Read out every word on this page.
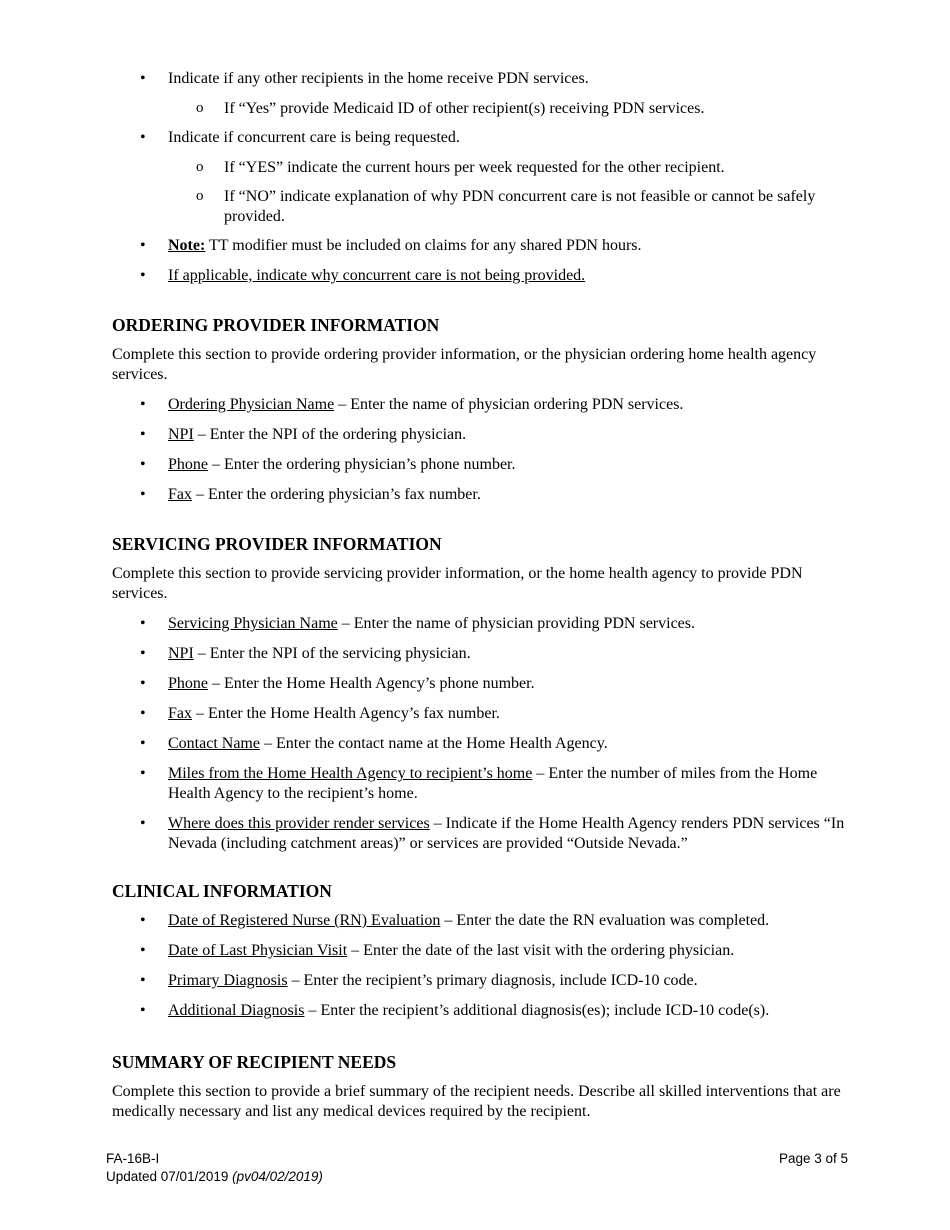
• Indicate if any other recipients in the home receive PDN services.
o If “Yes” provide Medicaid ID of other recipient(s) receiving PDN services.
• Indicate if concurrent care is being requested.
o If “YES” indicate the current hours per week requested for the other recipient.
o If “NO” indicate explanation of why PDN concurrent care is not feasible or cannot be safely provided.
• Note: TT modifier must be included on claims for any shared PDN hours.
• If applicable, indicate why concurrent care is not being provided.
ORDERING PROVIDER INFORMATION

Complete this section to provide ordering provider information, or the physician ordering home health agency services.

• Ordering Physician Name – Enter the name of physician ordering PDN services.
• NPI – Enter the NPI of the ordering physician.
• Phone – Enter the ordering physician’s phone number.
• Fax – Enter the ordering physician’s fax number.
SERVICING PROVIDER INFORMATION

Complete this section to provide servicing provider information, or the home health agency to provide PDN services.

• Servicing Physician Name – Enter the name of physician providing PDN services.
• NPI – Enter the NPI of the servicing physician.
• Phone – Enter the Home Health Agency’s phone number.
• Fax – Enter the Home Health Agency’s fax number.
• Contact Name – Enter the contact name at the Home Health Agency.
• Miles from the Home Health Agency to recipient’s home – Enter the number of miles from the Home Health Agency to the recipient’s home.
• Where does this provider render services – Indicate if the Home Health Agency renders PDN services “In Nevada (including catchment areas)” or services are provided “Outside Nevada.”
CLINICAL INFORMATION
• Date of Registered Nurse (RN) Evaluation – Enter the date the RN evaluation was completed.
• Date of Last Physician Visit – Enter the date of the last visit with the ordering physician.
• Primary Diagnosis – Enter the recipient’s primary diagnosis, include ICD-10 code.
• Additional Diagnosis – Enter the recipient’s additional diagnosis(es); include ICD-10 code(s).
SUMMARY OF RECIPIENT NEEDS

Complete this section to provide a brief summary of the recipient needs. Describe all skilled interventions that are medically necessary and list any medical devices required by the recipient.

FA-16B-I
Updated 07/01/2019 (pv04/02/2019)
Page 3 of 5
